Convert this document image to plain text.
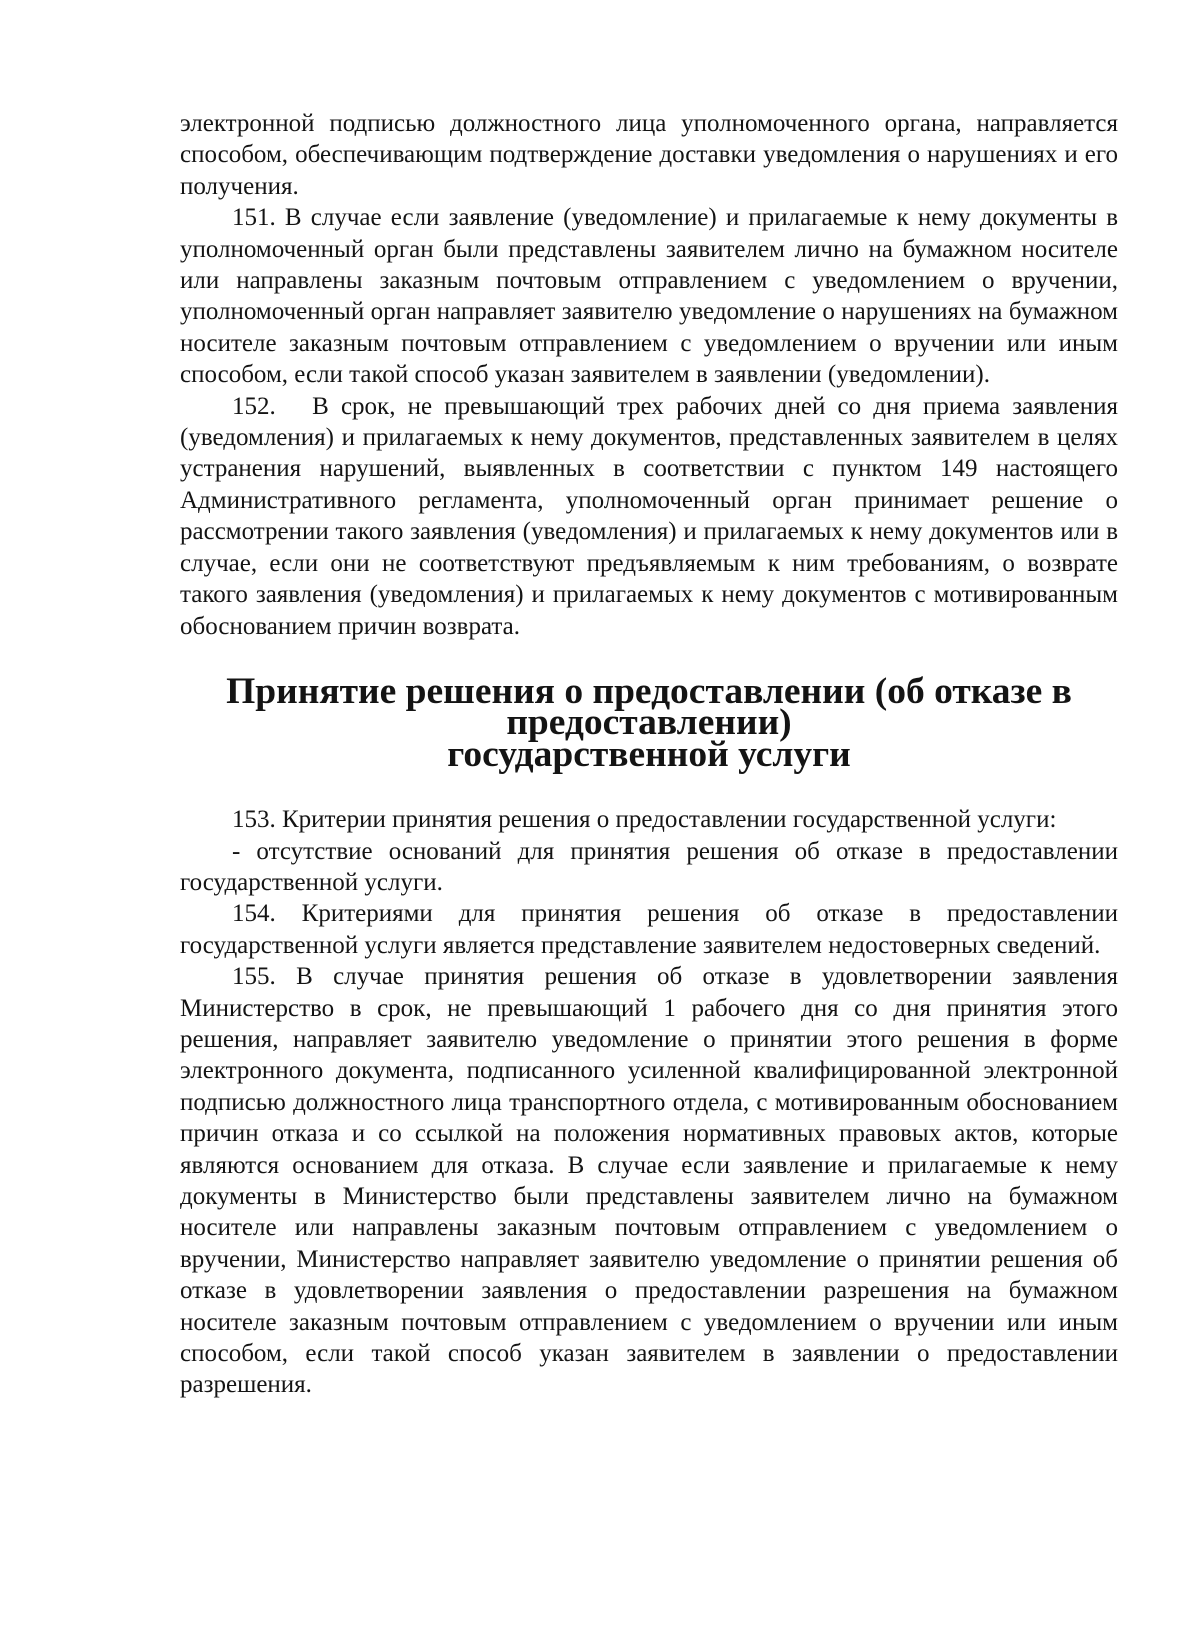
электронной подписью должностного лица уполномоченного органа, направляется способом, обеспечивающим подтверждение доставки уведомления о нарушениях и его получения.

151. В случае если заявление (уведомление) и прилагаемые к нему документы в уполномоченный орган были представлены заявителем лично на бумажном носителе или направлены заказным почтовым отправлением с уведомлением о вручении, уполномоченный орган направляет заявителю уведомление о нарушениях на бумажном носителе заказным почтовым отправлением с уведомлением о вручении или иным способом, если такой способ указан заявителем в заявлении (уведомлении).

152.   В срок, не превышающий трех рабочих дней со дня приема заявления (уведомления) и прилагаемых к нему документов, представленных заявителем в целях устранения нарушений, выявленных в соответствии с пунктом 149 настоящего Административного регламента, уполномоченный орган принимает решение о рассмотрении такого заявления (уведомления) и прилагаемых к нему документов или в случае, если они не соответствуют предъявляемым к ним требованиям, о возврате такого заявления (уведомления) и прилагаемых к нему документов с мотивированным обоснованием причин возврата.

Принятие решения о предоставлении (об отказе в предоставлении)
государственной услуги

153. Критерии принятия решения о предоставлении государственной услуги:

- отсутствие оснований для принятия решения об отказе в предоставлении государственной услуги.

154. Критериями для принятия решения об отказе в предоставлении государственной услуги является представление заявителем недостоверных сведений.

155. В случае принятия решения об отказе в удовлетворении заявления Министерство в срок, не превышающий 1 рабочего дня со дня принятия этого решения, направляет заявителю уведомление о принятии этого решения в форме электронного документа, подписанного усиленной квалифицированной электронной подписью должностного лица транспортного отдела, с мотивированным обоснованием причин отказа и со ссылкой на положения нормативных правовых актов, которые являются основанием для отказа. В случае если заявление и прилагаемые к нему документы в Министерство были представлены заявителем лично на бумажном носителе или направлены заказным почтовым отправлением с уведомлением о вручении, Министерство направляет заявителю уведомление о принятии решения об отказе в удовлетворении заявления о предоставлении разрешения на бумажном носителе заказным почтовым отправлением с уведомлением о вручении или иным способом, если такой способ указан заявителем в заявлении о предоставлении разрешения.
